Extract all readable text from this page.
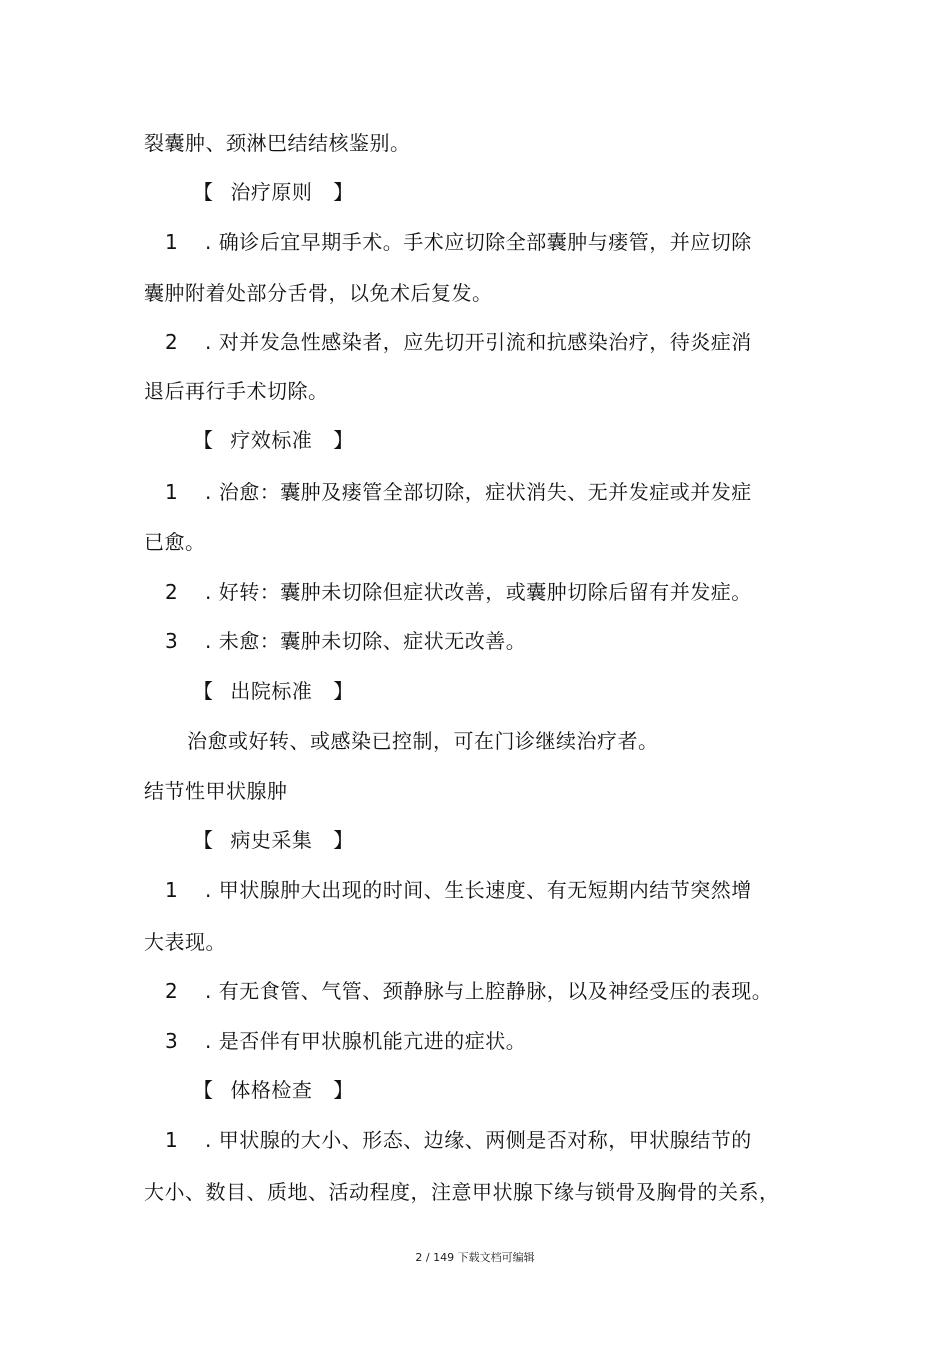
裂囊肿、颈淋巴结结核鉴别。
【 治疗原则 】
1 . 确诊后宜早期手术。手术应切除全部囊肿与瘘管，并应切除
囊肿附着处部分舌骨，以免术后复发。
2 . 对并发急性感染者，应先切开引流和抗感染治疗，待炎症消
退后再行手术切除。
【 疗效标准 】
1 . 治愈：囊肿及瘘管全部切除，症状消失、无并发症或并发症
已愈。
2 . 好转：囊肿未切除但症状改善，或囊肿切除后留有并发症。
3 . 未愈：囊肿未切除、症状无改善。
【 出院标准 】
治愈或好转、或感染已控制，可在门诊继续治疗者。
结节性甲状腺肿
【 病史采集 】
1 . 甲状腺肿大出现的时间、生长速度、有无短期内结节突然增
大表现。
2 . 有无食管、气管、颈静脉与上腔静脉，以及神经受压的表现。
3 . 是否伴有甲状腺机能亢进的症状。
【 体格检查 】
1 . 甲状腺的大小、形态、边缘、两侧是否对称，甲状腺结节的
大小、数目、质地、活动程度，注意甲状腺下缘与锁骨及胸骨的关系，
2 / 149 下载文档可编辑
